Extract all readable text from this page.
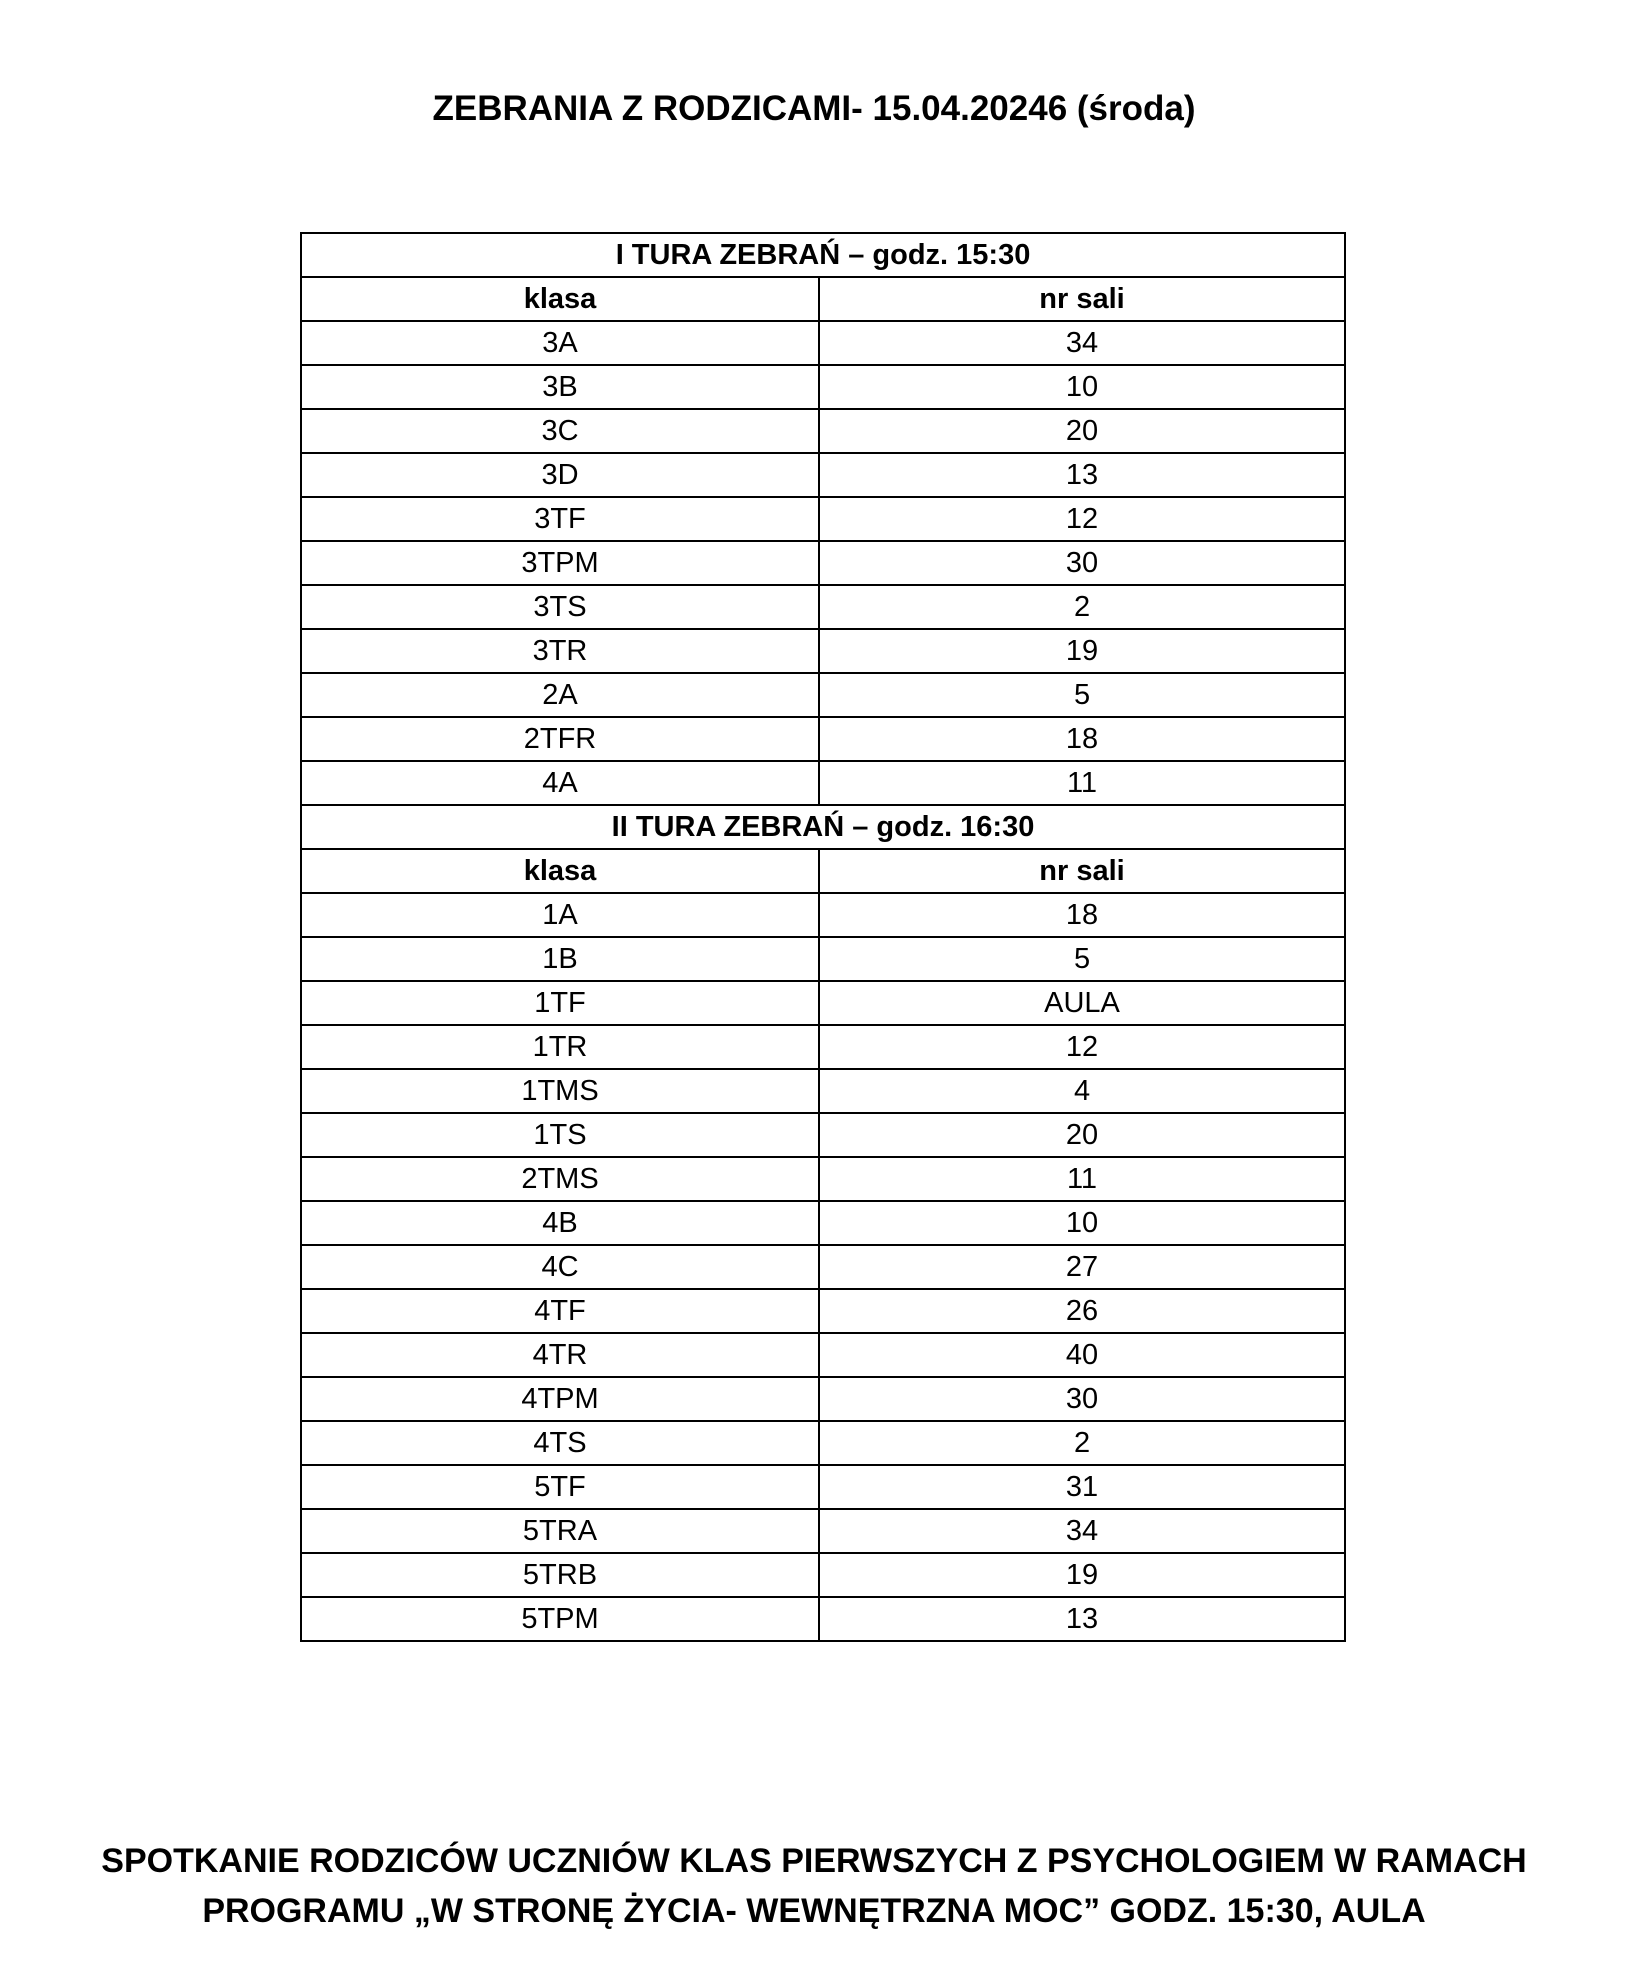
ZEBRANIA Z RODZICAMI- 15.04.20246 (środa)
I TURA ZEBRAŃ – godz. 15:30	
klasa	nr sali
3A	34
3B	10
3C	20
3D	13
3TF	12
3TPM	30
3TS	2
3TR	19
2A	5
2TFR	18
4A	11
II TURA ZEBRAŃ – godz. 16:30	
klasa	nr sali
1A	18
1B	5
1TF	AULA
1TR	12
1TMS	4
1TS	20
2TMS	11
4B	10
4C	27
4TF	26
4TR	40
4TPM	30
4TS	2
5TF	31
5TRA	34
5TRB	19
5TPM	13

SPOTKANIE RODZICÓW UCZNIÓW KLAS PIERWSZYCH Z PSYCHOLOGIEM W RAMACH
PROGRAMU „W STRONĘ ŻYCIA- WEWNĘTRZNA MOC” GODZ. 15:30, AULA
